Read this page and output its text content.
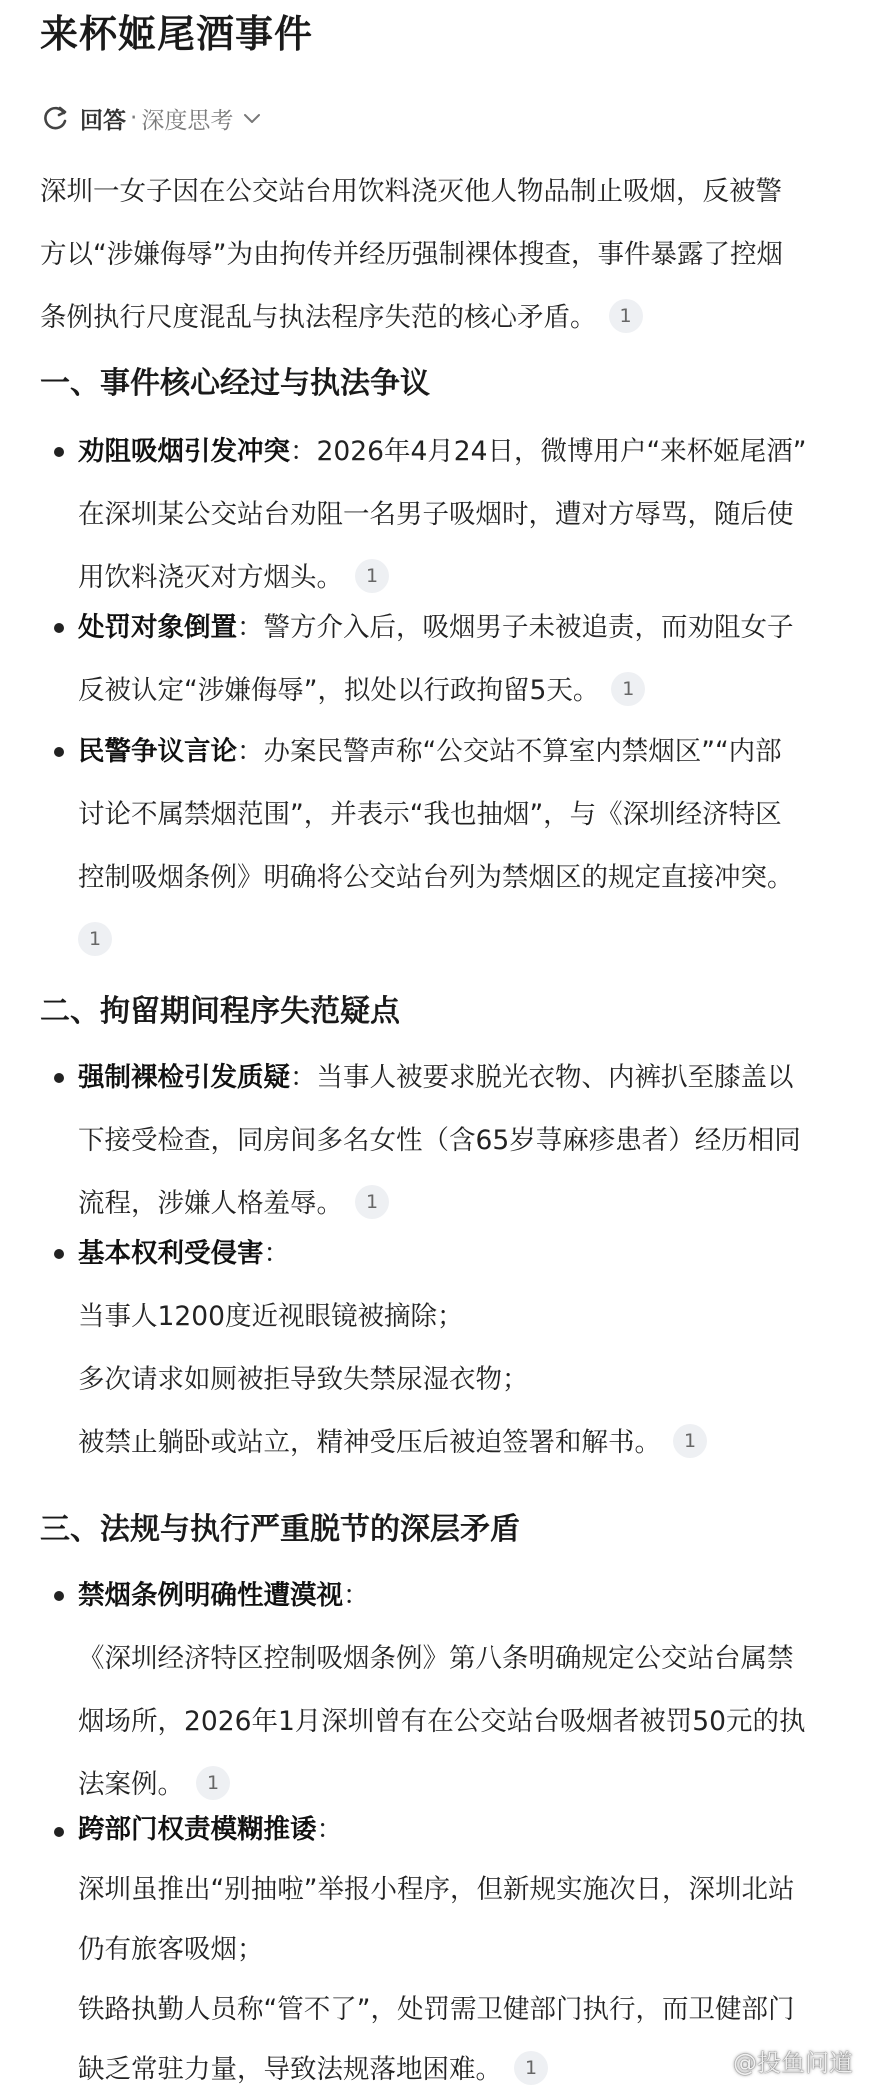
来杯姬尾酒事件
回答 · 深度思考
深圳一女子因在公交站台用饮料浇灭他人物品制止吸烟，反被警
方以“涉嫌侮辱”为由拘传并经历强制裸体搜查，事件暴露了控烟
条例执行尺度混乱与执法程序失范的核心矛盾。 1
一、事件核心经过与执法争议
劝阻吸烟引发冲突：2026年4月24日，微博用户“来杯姬尾酒”
在深圳某公交站台劝阻一名男子吸烟时，遭对方辱骂，随后使
用饮料浇灭对方烟头。 1
处罚对象倒置：警方介入后，吸烟男子未被追责，而劝阻女子
反被认定“涉嫌侮辱”，拟处以行政拘留5天。 1
民警争议言论：办案民警声称“公交站不算室内禁烟区”“内部
讨论不属禁烟范围”，并表示“我也抽烟”，与《深圳经济特区
控制吸烟条例》明确将公交站台列为禁烟区的规定直接冲突。
1
二、拘留期间程序失范疑点
强制裸检引发质疑：当事人被要求脱光衣物、内裤扒至膝盖以
下接受检查，同房间多名女性（含65岁荨麻疹患者）经历相同
流程，涉嫌人格羞辱。 1
基本权利受侵害：
当事人1200度近视眼镜被摘除；
多次请求如厕被拒导致失禁尿湿衣物；
被禁止躺卧或站立，精神受压后被迫签署和解书。 1
三、法规与执行严重脱节的深层矛盾
禁烟条例明确性遭漠视：
《深圳经济特区控制吸烟条例》第八条明确规定公交站台属禁
烟场所，2026年1月深圳曾有在公交站台吸烟者被罚50元的执
法案例。 1
跨部门权责模糊推诿：
深圳虽推出“别抽啦”举报小程序，但新规实施次日，深圳北站
仍有旅客吸烟；
铁路执勤人员称“管不了”，处罚需卫健部门执行，而卫健部门
缺乏常驻力量，导致法规落地困难。 1	@投鱼问道
